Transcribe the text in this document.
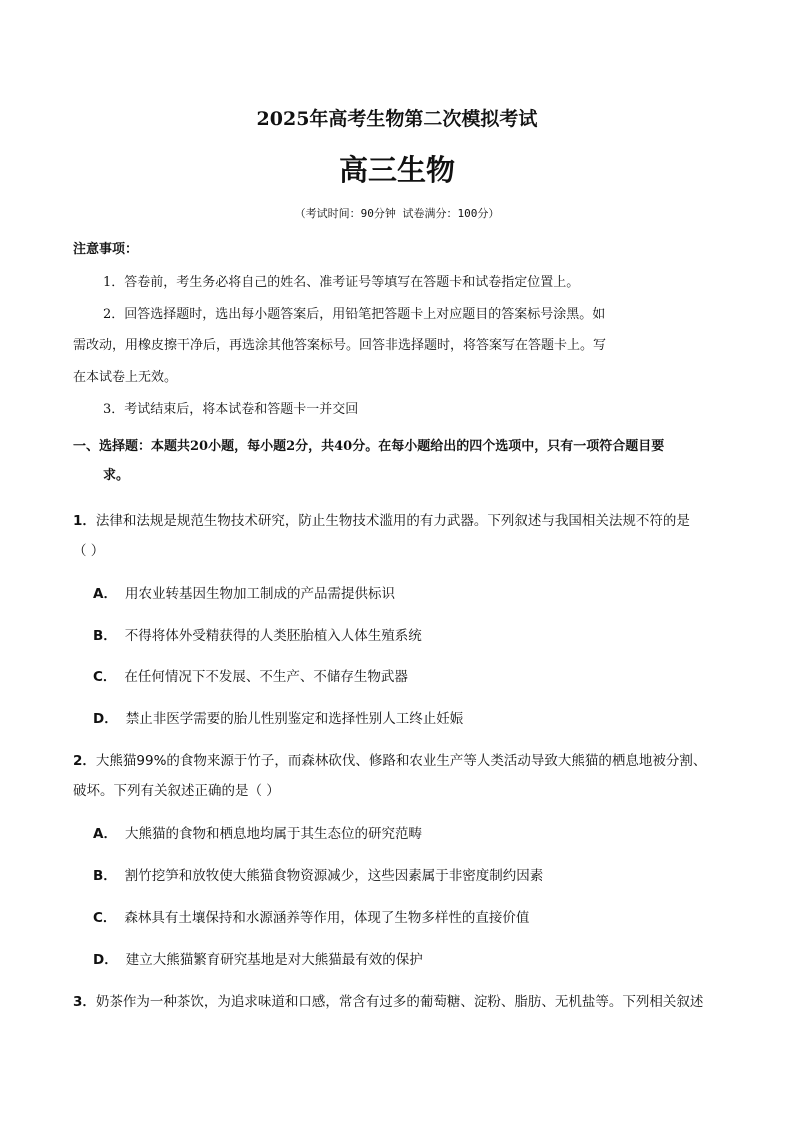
2025年高考生物第二次模拟考试
高三生物
（考试时间：90分钟 试卷满分：100分）
注意事项：
1．答卷前，考生务必将自己的姓名、准考证号等填写在答题卡和试卷指定位置上。
2．回答选择题时，选出每小题答案后，用铅笔把答题卡上对应题目的答案标号涂黑。如
需改动，用橡皮擦干净后，再选涂其他答案标号。回答非选择题时，将答案写在答题卡上。写
在本试卷上无效。
3．考试结束后，将本试卷和答题卡一并交回
一、选择题：本题共20小题，每小题2分，共40分。在每小题给出的四个选项中，只有一项符合题目要
求。
1．法律和法规是规范生物技术研究，防止生物技术滥用的有力武器。下列叙述与我国相关法规不符的是
（ ）
A． 用农业转基因生物加工制成的产品需提供标识
B． 不得将体外受精获得的人类胚胎植入人体生殖系统
C． 在任何情况下不发展、不生产、不储存生物武器
D． 禁止非医学需要的胎儿性别鉴定和选择性别人工终止妊娠
2．大熊猫99%的食物来源于竹子，而森林砍伐、修路和农业生产等人类活动导致大熊猫的栖息地被分割、
破坏。下列有关叙述正确的是（ ）
A． 大熊猫的食物和栖息地均属于其生态位的研究范畴
B． 割竹挖笋和放牧使大熊猫食物资源减少，这些因素属于非密度制约因素
C． 森林具有土壤保持和水源涵养等作用，体现了生物多样性的直接价值
D． 建立大熊猫繁育研究基地是对大熊猫最有效的保护
3．奶茶作为一种茶饮，为追求味道和口感，常含有过多的葡萄糖、淀粉、脂肪、无机盐等。下列相关叙述
